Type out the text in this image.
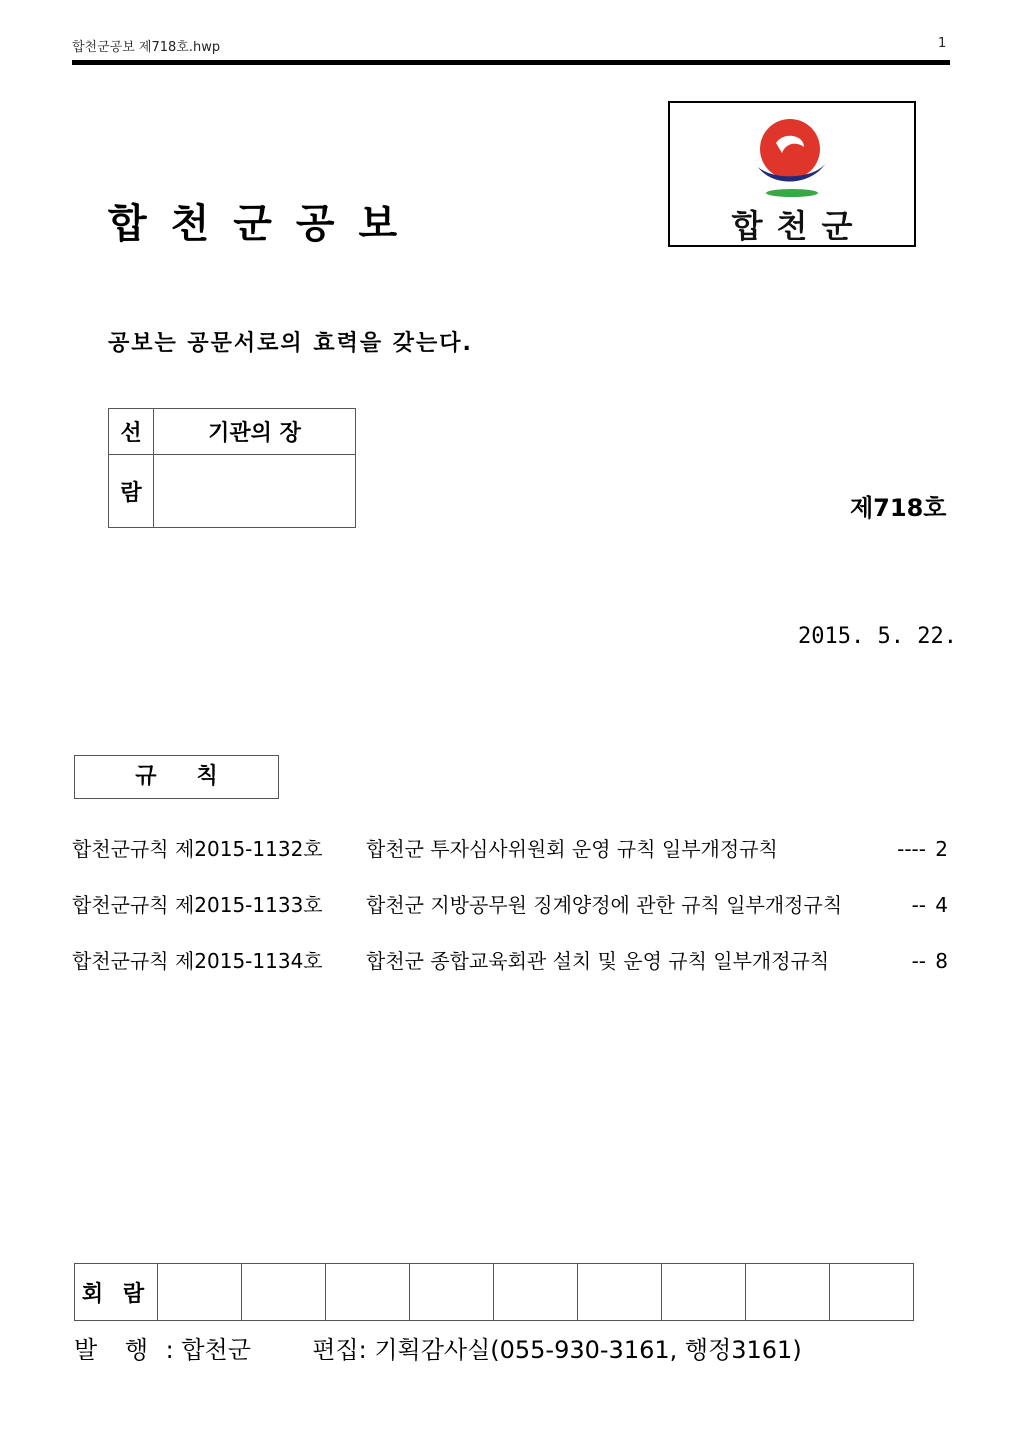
합천군공보 제718호.hwp	1
합천군공보	합천군
공보는 공문서로의 효력을 갖는다.
선	기관의 장
람	
제718호
2015. 5. 22.
규칙
합천군규칙 제2015-1132호	합천군 투자심사위원회 운영 규칙 일부개정규칙	---- 2
합천군규칙 제2015-1133호	합천군 지방공무원 징계양정에 관한 규칙 일부개정규칙	-- 4
합천군규칙 제2015-1134호	합천군 종합교육회관 설치 및 운영 규칙 일부개정규칙	-- 8
회 람									
발 행 : 합천군	편집: 기획감사실(055-930-3161, 행정3161)
